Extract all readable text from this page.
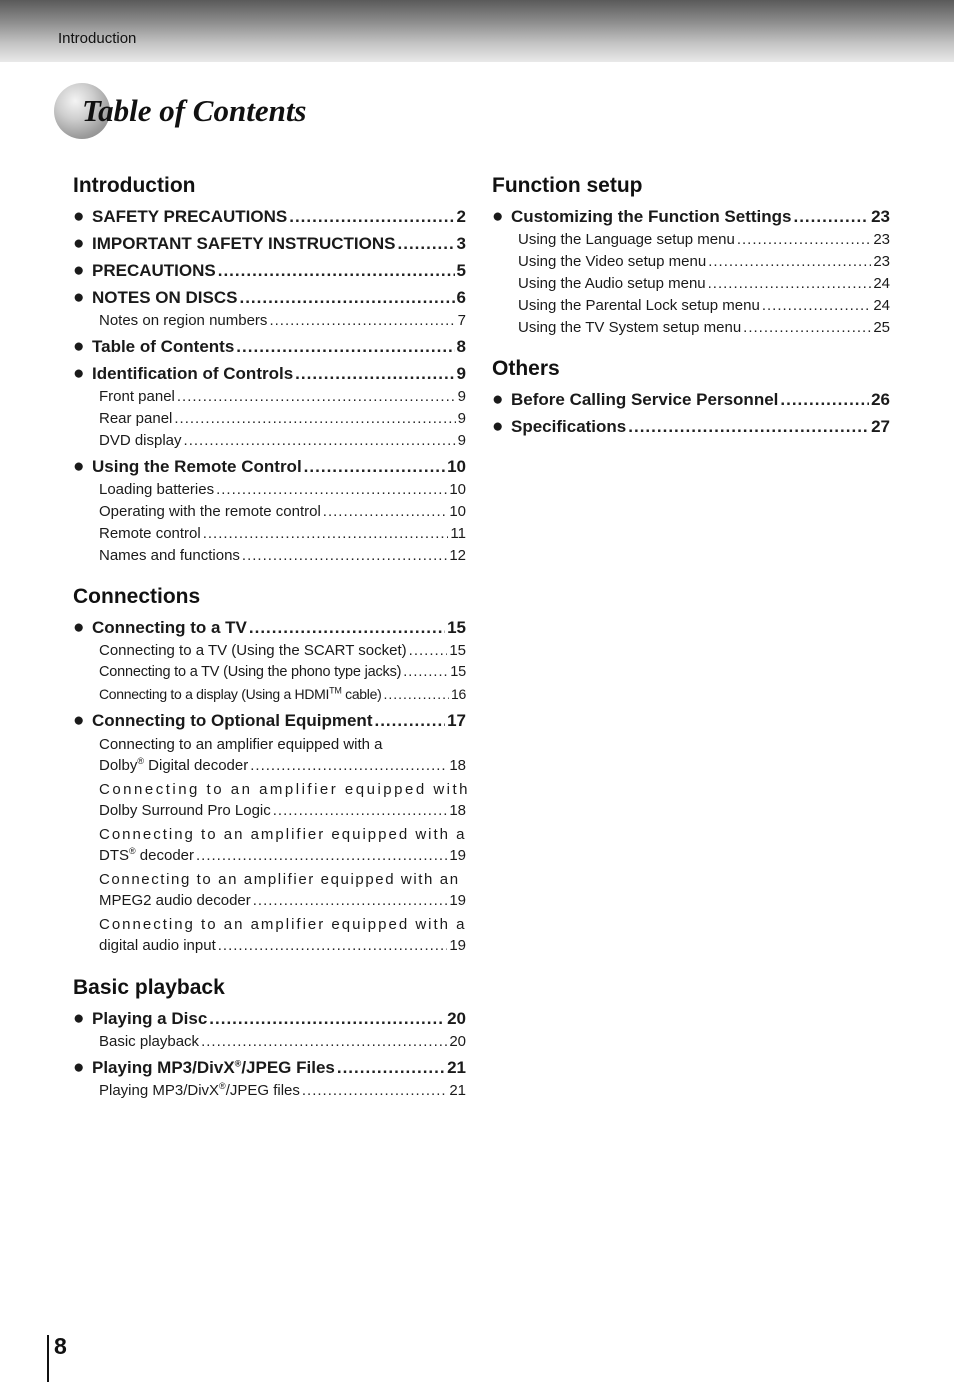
Introduction
Table of Contents
Introduction
● SAFETY PRECAUTIONS .....	2
● IMPORTANT SAFETY INSTRUCTIONS .....	3
● PRECAUTIONS .....	5
● NOTES ON DISCS .....	6
Notes on region numbers .....	7
● Table of Contents .....	8
● Identification of Controls .....	9
Front panel .....	9
Rear panel .....	9
DVD display .....	9
● Using the Remote Control .....	10
Loading batteries .....	10
Operating with the remote control .....	10
Remote control .....	11
Names and functions .....	12
Connections
● Connecting to a TV .....	15
Connecting to a TV (Using the SCART socket) .....	15
Connecting to a TV (Using the phono type jacks) .....	15
Connecting to a display (Using a HDMI™ cable) .....	16
● Connecting to Optional Equipment .....	17
Connecting to an amplifier equipped with a
Dolby® Digital decoder .....	18
Connecting to an amplifier equipped with
Dolby Surround Pro Logic .....	18
Connecting to an amplifier equipped with a
DTS® decoder .....	19
Connecting to an amplifier equipped with an
MPEG2 audio decoder .....	19
Connecting to an amplifier equipped with a
digital audio input .....	19
Basic playback
● Playing a Disc .....	20
Basic playback .....	20
● Playing MP3/DivX®/JPEG Files .....	21
Playing MP3/DivX®/JPEG files .....	21
Function setup
● Customizing the Function Settings .....	23
Using the Language setup menu .....	23
Using the Video setup menu .....	23
Using the Audio setup menu .....	24
Using the Parental Lock setup menu .....	24
Using the TV System setup menu .....	25
Others
● Before Calling Service Personnel .....	26
● Specifications .....	27
8
